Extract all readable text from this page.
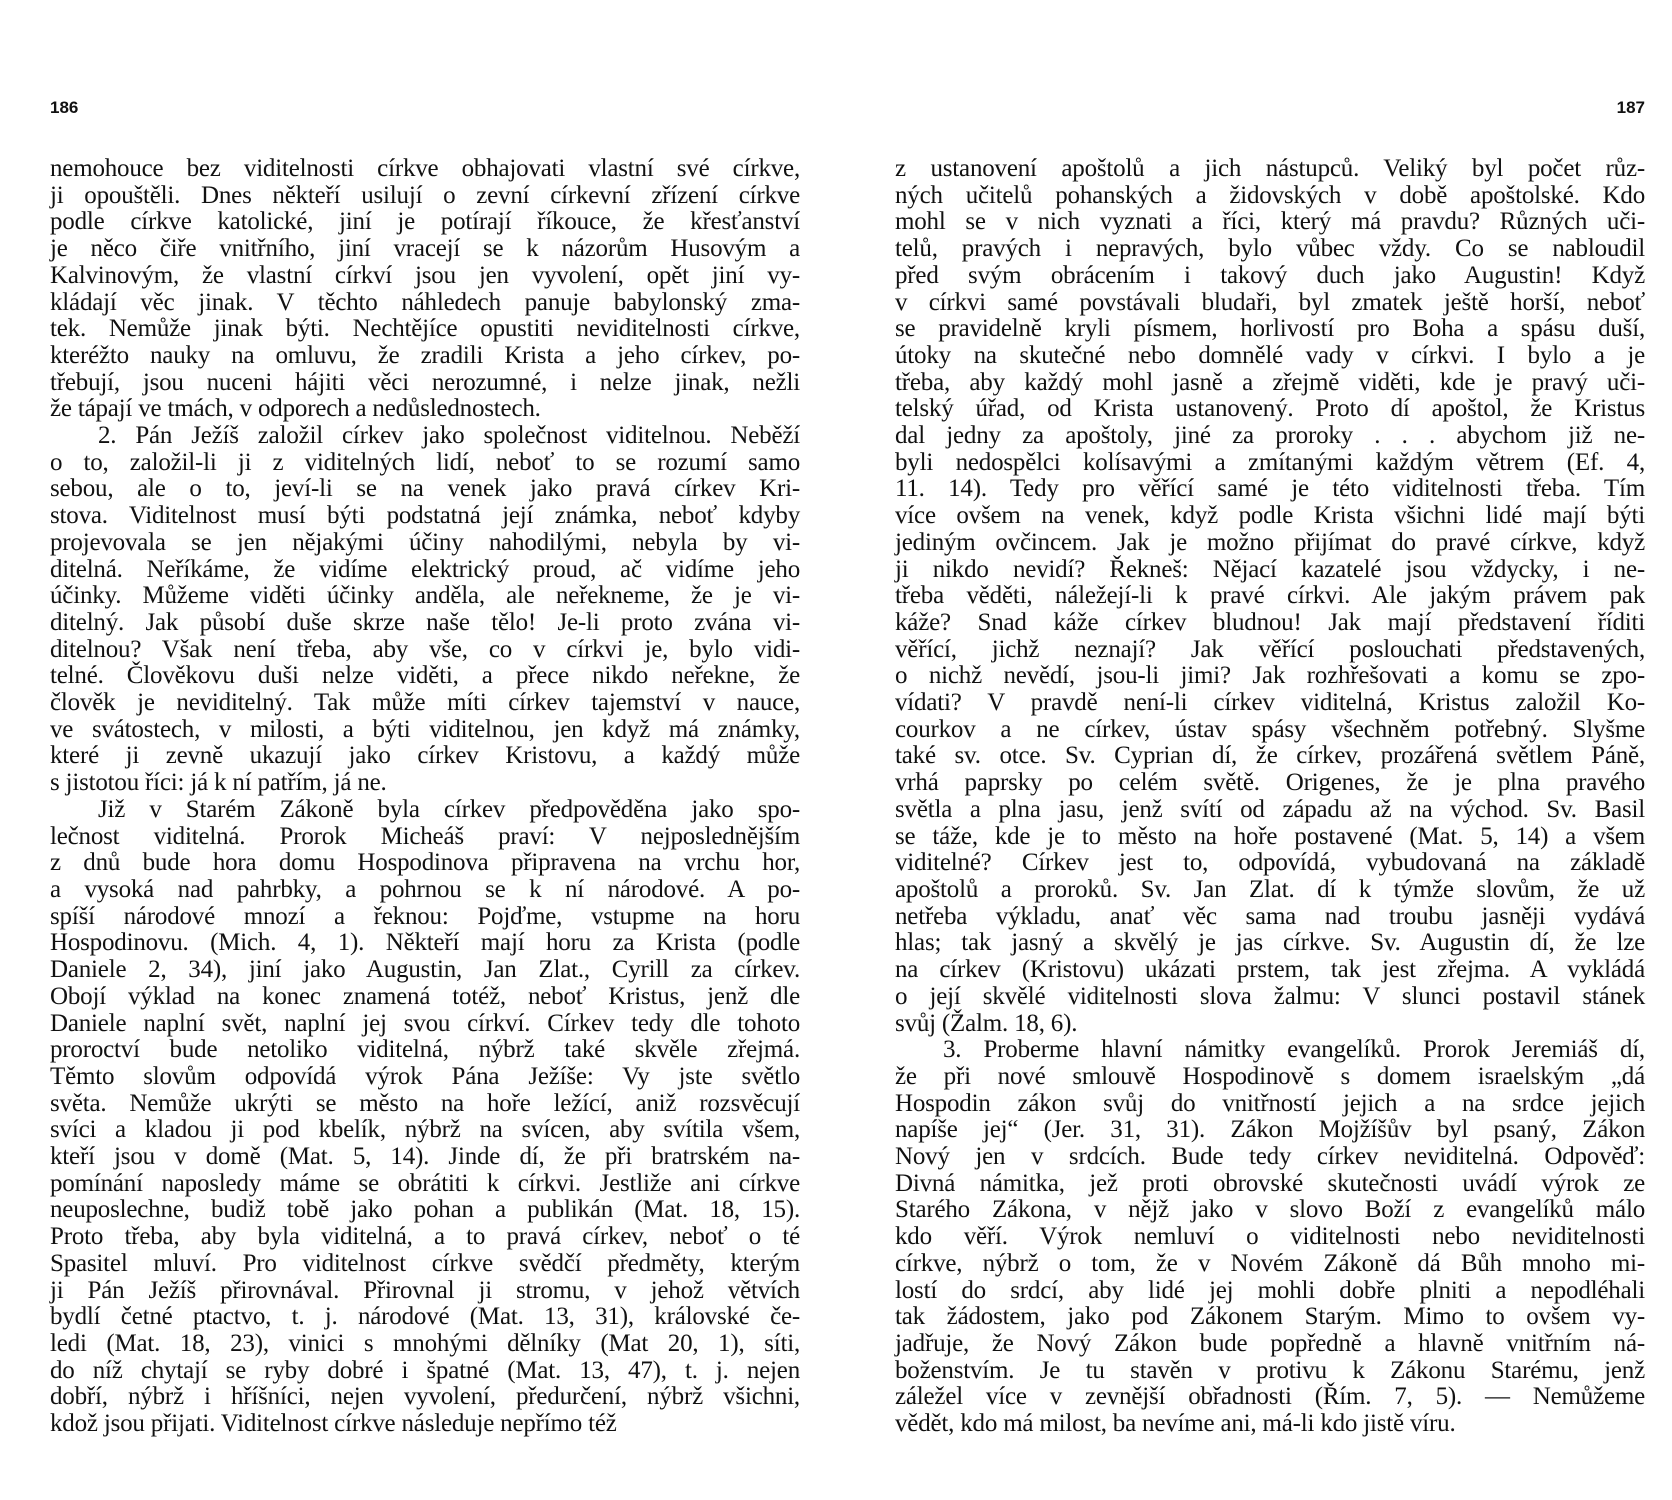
186
nemohouce bez viditelnosti církve obhajovati vlastní své církve,
ji opouštěli. Dnes někteří usilují o zevní církevní zřízení církve
podle církve katolické, jiní je potírají říkouce, že křesťanství
je něco čiře vnitřního, jiní vracejí se k názorům Husovým a
Kalvinovým, že vlastní církví jsou jen vyvolení, opět jiní vy-
kládají věc jinak. V těchto náhledech panuje babylonský zma-
tek. Nemůže jinak býti. Nechtějíce opustiti neviditelnosti církve,
kteréžto nauky na omluvu, že zradili Krista a jeho církev, po-
třebují, jsou nuceni hájiti věci nerozumné, i nelze jinak, nežli
že tápají ve tmách, v odporech a nedůslednostech.
2. Pán Ježíš založil církev jako společnost viditelnou. Neběží
o to, založil-li ji z viditelných lidí, neboť to se rozumí samo
sebou, ale o to, jeví-li se na venek jako pravá církev Kri-
stova. Viditelnost musí býti podstatná její známka, neboť kdyby
projevovala se jen nějakými účiny nahodilými, nebyla by vi-
ditelná. Neříkáme, že vidíme elektrický proud, ač vidíme jeho
účinky. Můžeme viděti účinky anděla, ale neřekneme, že je vi-
ditelný. Jak působí duše skrze naše tělo! Je-li proto zvána vi-
ditelnou? Však není třeba, aby vše, co v církvi je, bylo vidi-
telné. Člověkovu duši nelze viděti, a přece nikdo neřekne, že
člověk je neviditelný. Tak může míti církev tajemství v nauce,
ve svátostech, v milosti, a býti viditelnou, jen když má známky,
které ji zevně ukazují jako církev Kristovu, a každý může
s jistotou říci: já k ní patřím, já ne.
Již v Starém Zákoně byla církev předpověděna jako spo-
lečnost viditelná. Prorok Micheáš praví: V nejposlednějším
z dnů bude hora domu Hospodinova připravena na vrchu hor,
a vysoká nad pahrbky, a pohrnou se k ní národové. A po-
spíší národové mnozí a řeknou: Pojďme, vstupme na horu
Hospodinovu. (Mich. 4, 1). Někteří mají horu za Krista (podle
Daniele 2, 34), jiní jako Augustin, Jan Zlat., Cyrill za církev.
Obojí výklad na konec znamená totéž, neboť Kristus, jenž dle
Daniele naplní svět, naplní jej svou církví. Církev tedy dle tohoto
proroctví bude netoliko viditelná, nýbrž také skvěle zřejmá.
Těmto slovům odpovídá výrok Pána Ježíše: Vy jste světlo
světa. Nemůže ukrýti se město na hoře ležící, aniž rozsvěcují
svíci a kladou ji pod kbelík, nýbrž na svícen, aby svítila všem,
kteří jsou v domě (Mat. 5, 14). Jinde dí, že při bratrském na-
pomínání naposledy máme se obrátiti k církvi. Jestliže ani církve
neuposlechne, budiž tobě jako pohan a publikán (Mat. 18, 15).
Proto třeba, aby byla viditelná, a to pravá církev, neboť o té
Spasitel mluví. Pro viditelnost církve svědčí předměty, kterým
ji Pán Ježíš přirovnával. Přirovnal ji stromu, v jehož větvích
bydlí četné ptactvo, t. j. národové (Mat. 13, 31), královské če-
ledi (Mat. 18, 23), vinici s mnohými dělníky (Mat 20, 1), síti,
do níž chytají se ryby dobré i špatné (Mat. 13, 47), t. j. nejen
dobří, nýbrž i hříšníci, nejen vyvolení, předurčení, nýbrž všichni,
kdož jsou přijati. Viditelnost církve následuje nepřímo též
187
z ustanovení apoštolů a jich nástupců. Veliký byl počet růz-
ných učitelů pohanských a židovských v době apoštolské. Kdo
mohl se v nich vyznati a říci, který má pravdu? Různých uči-
telů, pravých i nepravých, bylo vůbec vždy. Co se nabloudil
před svým obrácením i takový duch jako Augustin! Když
v církvi samé povstávali bludaři, byl zmatek ještě horší, neboť
se pravidelně kryli písmem, horlivostí pro Boha a spásu duší,
útoky na skutečné nebo domnělé vady v církvi. I bylo a je
třeba, aby každý mohl jasně a zřejmě viděti, kde je pravý uči-
telský úřad, od Krista ustanovený. Proto dí apoštol, že Kristus
dal jedny za apoštoly, jiné za proroky . . . abychom již ne-
byli nedospělci kolísavými a zmítanými každým větrem (Ef. 4,
11. 14). Tedy pro věřící samé je této viditelnosti třeba. Tím
více ovšem na venek, když podle Krista všichni lidé mají býti
jediným ovčincem. Jak je možno přijímat do pravé církve, když
ji nikdo nevidí? Řekneš: Nějací kazatelé jsou vždycky, i ne-
třeba věděti, náležejí-li k pravé církvi. Ale jakým právem pak
káže? Snad káže církev bludnou! Jak mají představení říditi
věřící, jichž neznají? Jak věřící poslouchati představených,
o nichž nevědí, jsou-li jimi? Jak rozhřešovati a komu se zpo-
vídati? V pravdě není-li církev viditelná, Kristus založil Ko-
courkov a ne církev, ústav spásy všechněm potřebný. Slyšme
také sv. otce. Sv. Cyprian dí, že církev, prozářená světlem Páně,
vrhá paprsky po celém světě. Origenes, že je plna pravého
světla a plna jasu, jenž svítí od západu až na východ. Sv. Basil
se táže, kde je to město na hoře postavené (Mat. 5, 14) a všem
viditelné? Církev jest to, odpovídá, vybudovaná na základě
apoštolů a proroků. Sv. Jan Zlat. dí k týmže slovům, že už
netřeba výkladu, anať věc sama nad troubu jasněji vydává
hlas; tak jasný a skvělý je jas církve. Sv. Augustin dí, že lze
na církev (Kristovu) ukázati prstem, tak jest zřejma. A vykládá
o její skvělé viditelnosti slova žalmu: V slunci postavil stánek
svůj (Žalm. 18, 6).
3. Proberme hlavní námitky evangelíků. Prorok Jeremiáš dí,
že při nové smlouvě Hospodinově s domem israelským „dá
Hospodin zákon svůj do vnitřností jejich a na srdce jejich
napíše jej“ (Jer. 31, 31). Zákon Mojžíšův byl psaný, Zákon
Nový jen v srdcích. Bude tedy církev neviditelná. Odpověď:
Divná námitka, jež proti obrovské skutečnosti uvádí výrok ze
Starého Zákona, v nějž jako v slovo Boží z evangelíků málo
kdo věří. Výrok nemluví o viditelnosti nebo neviditelnosti
církve, nýbrž o tom, že v Novém Zákoně dá Bůh mnoho mi-
lostí do srdcí, aby lidé jej mohli dobře plniti a nepodléhali
tak žádostem, jako pod Zákonem Starým. Mimo to ovšem vy-
jadřuje, že Nový Zákon bude popředně a hlavně vnitřním ná-
boženstvím. Je tu stavěn v protivu k Zákonu Starému, jenž
záležel více v zevnější obřadnosti (Řím. 7, 5). — Nemůžeme
vědět, kdo má milost, ba nevíme ani, má-li kdo jistě víru.
